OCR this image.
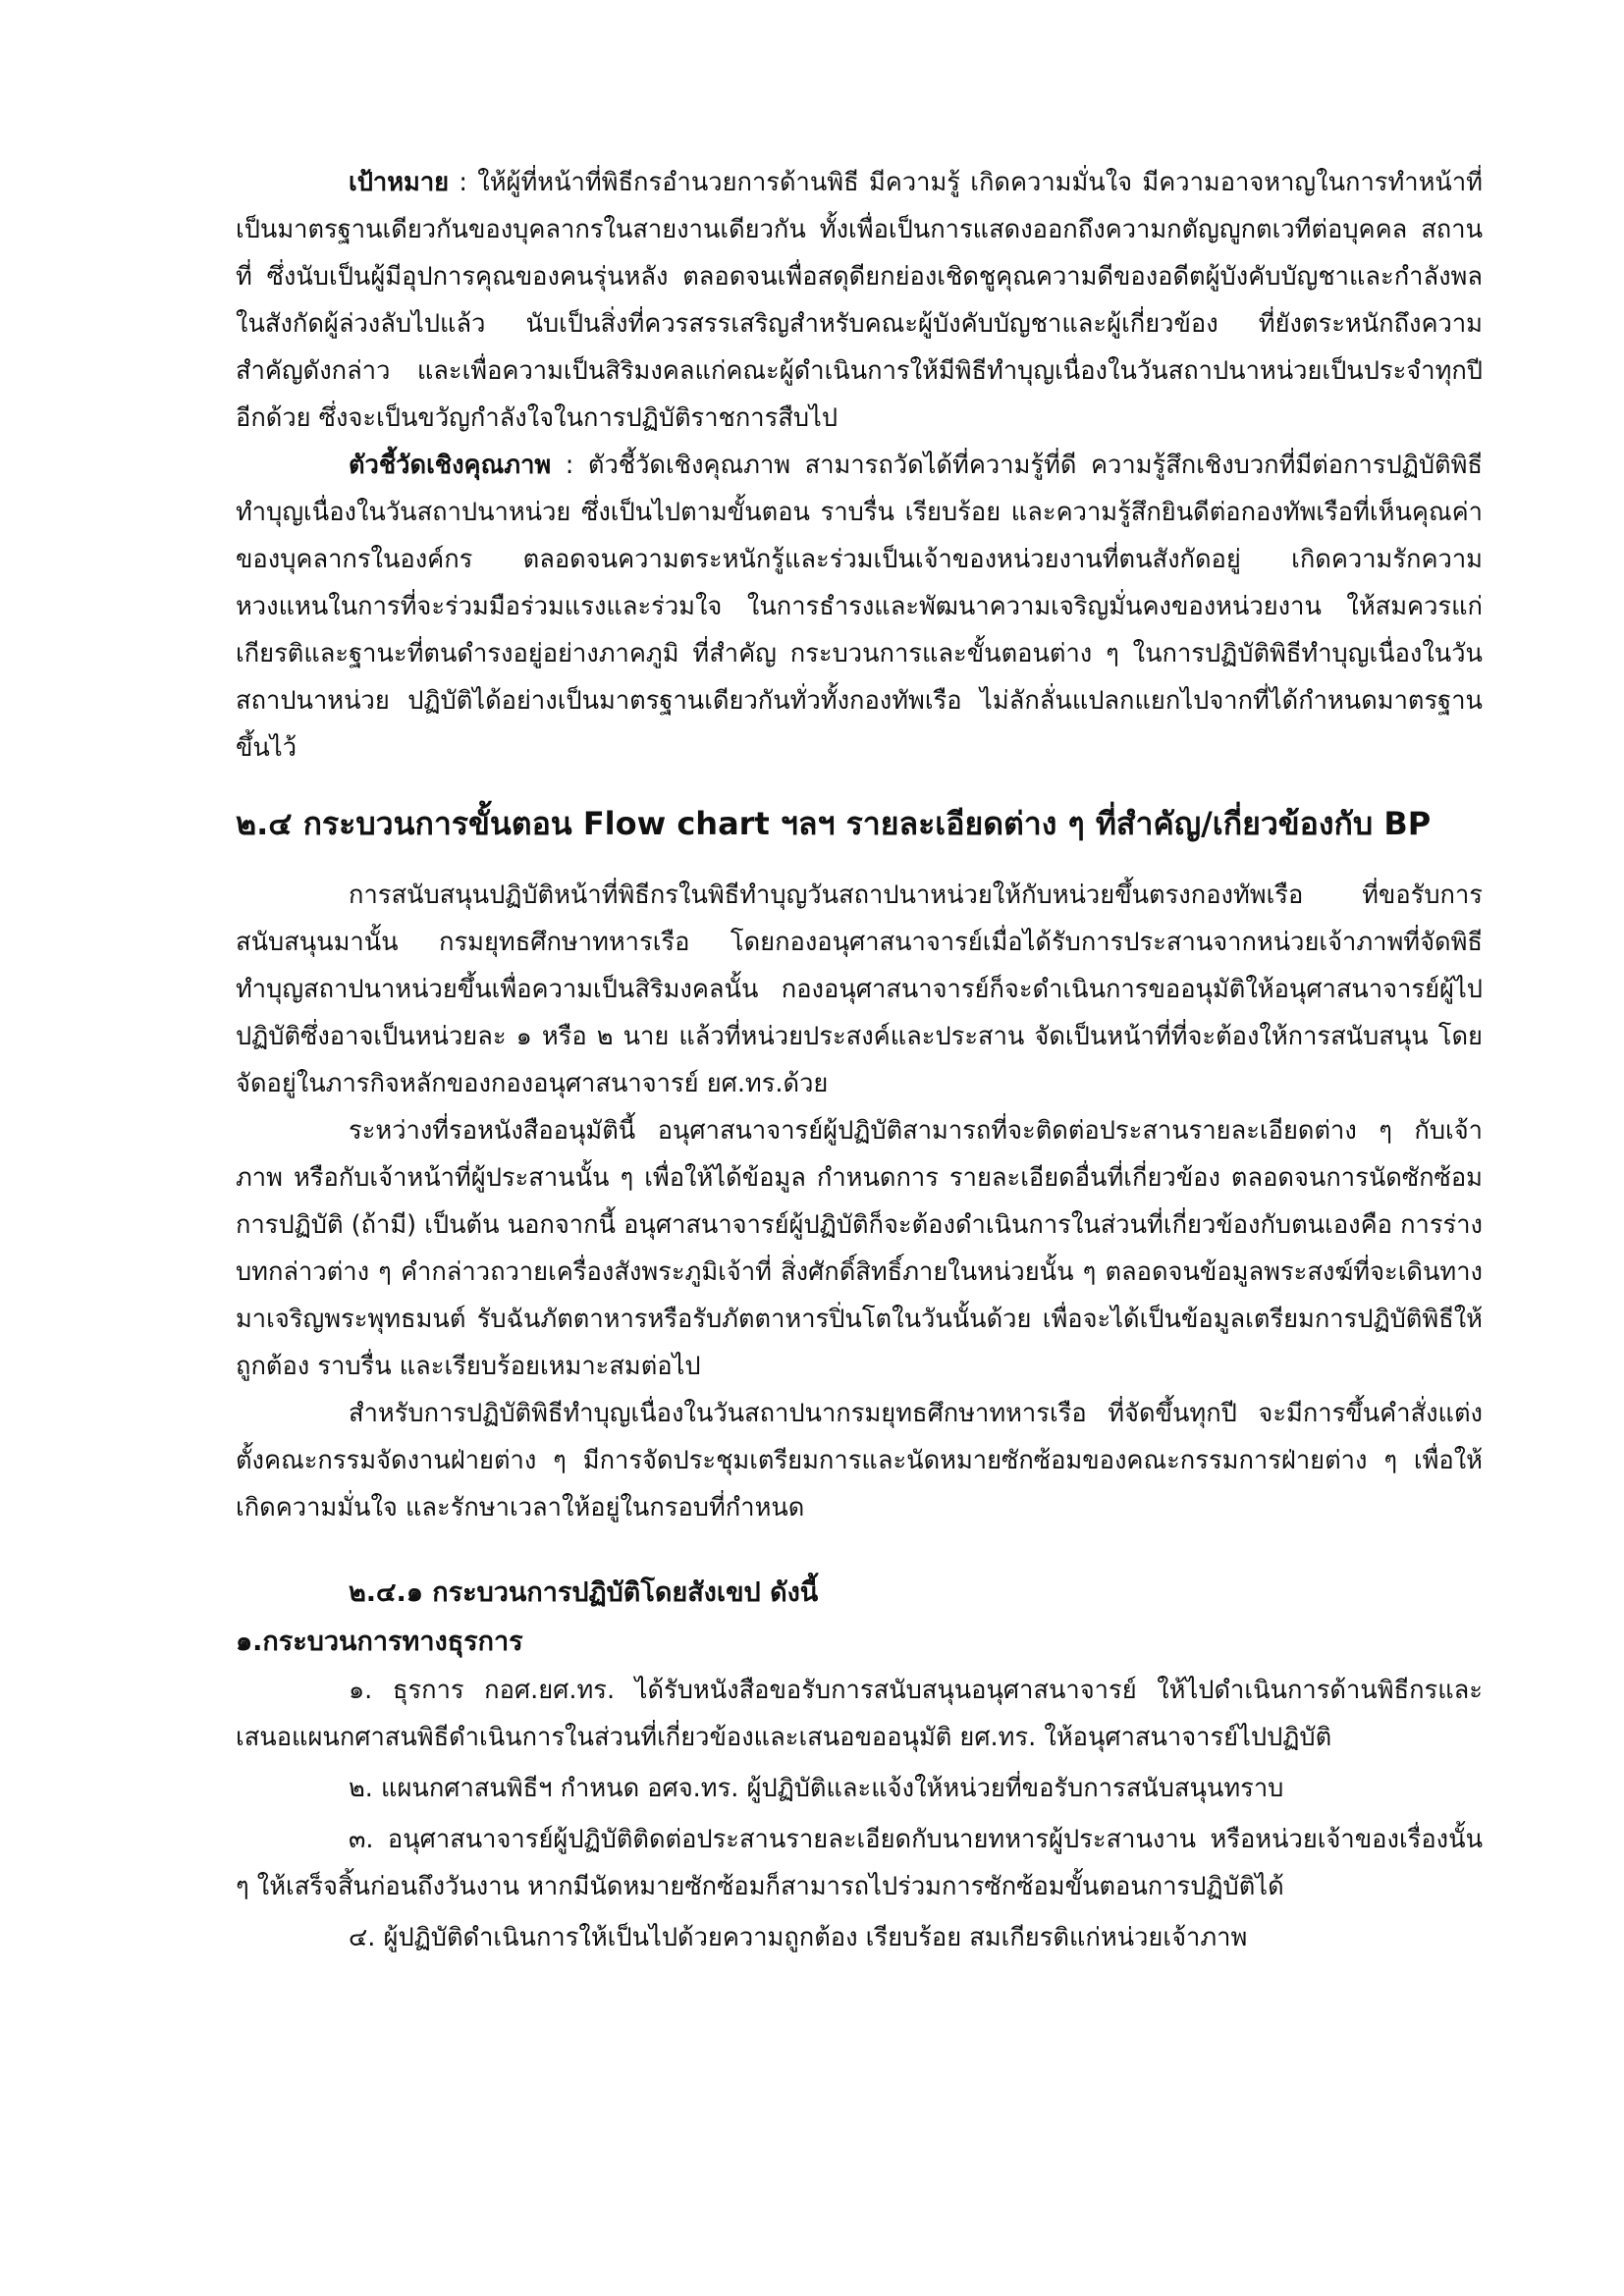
เป้าหมาย : ให้ผู้ที่หน้าที่พิธีกรอำนวยการด้านพิธี มีความรู้ เกิดความมั่นใจ มีความอาจหาญในการทำหน้าที่ เป็นมาตรฐานเดียวกันของบุคลากรในสายงานเดียวกัน ทั้งเพื่อเป็นการแสดงออกถึงความกตัญญูกตเวทีต่อบุคคล สถานที่ ซึ่งนับเป็นผู้มีอุปการคุณของคนรุ่นหลัง ตลอดจนเพื่อสดุดียกย่องเชิดชูคุณความดีของอดีตผู้บังคับบัญชาและกำลังพลในสังกัดผู้ล่วงลับไปแล้ว นับเป็นสิ่งที่ควรสรรเสริญสำหรับคณะผู้บังคับบัญชาและผู้เกี่ยวข้อง ที่ยังตระหนักถึงความสำคัญดังกล่าว และเพื่อความเป็นสิริมงคลแก่คณะผู้ดำเนินการให้มีพิธีทำบุญเนื่องในวันสถาปนาหน่วยเป็นประจำทุกปีอีกด้วย ซึ่งจะเป็นขวัญกำลังใจในการปฏิบัติราชการสืบไป

ตัวชี้วัดเชิงคุณภาพ : ตัวชี้วัดเชิงคุณภาพ สามารถวัดได้ที่ความรู้ที่ดี ความรู้สึกเชิงบวกที่มีต่อการปฏิบัติพิธีทำบุญเนื่องในวันสถาปนาหน่วย ซึ่งเป็นไปตามขั้นตอน ราบรื่น เรียบร้อย และความรู้สึกยินดีต่อกองทัพเรือที่เห็นคุณค่าของบุคลากรในองค์กร ตลอดจนความตระหนักรู้และร่วมเป็นเจ้าของหน่วยงานที่ตนสังกัดอยู่ เกิดความรักความหวงแหนในการที่จะร่วมมือร่วมแรงและร่วมใจ ในการธำรงและพัฒนาความเจริญมั่นคงของหน่วยงาน ให้สมควรแก่เกียรติและฐานะที่ตนดำรงอยู่อย่างภาคภูมิ ที่สำคัญ กระบวนการและขั้นตอนต่าง ๆ ในการปฏิบัติพิธีทำบุญเนื่องในวันสถาปนาหน่วย ปฏิบัติได้อย่างเป็นมาตรฐานเดียวกันทั่วทั้งกองทัพเรือ ไม่ลักลั่นแปลกแยกไปจากที่ได้กำหนดมาตรฐานขึ้นไว้

๒.๔ กระบวนการขั้นตอน Flow chart ฯลฯ รายละเอียดต่าง ๆ ที่สำคัญ/เกี่ยวข้องกับ BP

การสนับสนุนปฏิบัติหน้าที่พิธีกรในพิธีทำบุญวันสถาปนาหน่วยให้กับหน่วยขึ้นตรงกองทัพเรือ ที่ขอรับการสนับสนุนมานั้น กรมยุทธศึกษาทหารเรือ โดยกองอนุศาสนาจารย์เมื่อได้รับการประสานจากหน่วยเจ้าภาพที่จัดพิธีทำบุญสถาปนาหน่วยขึ้นเพื่อความเป็นสิริมงคลนั้น กองอนุศาสนาจารย์ก็จะดำเนินการขออนุมัติให้อนุศาสนาจารย์ผู้ไปปฏิบัติซึ่งอาจเป็นหน่วยละ ๑ หรือ ๒ นาย แล้วที่หน่วยประสงค์และประสาน จัดเป็นหน้าที่ที่จะต้องให้การสนับสนุน โดยจัดอยู่ในภารกิจหลักของกองอนุศาสนาจารย์ ยศ.ทร.ด้วย

ระหว่างที่รอหนังสืออนุมัตินี้ อนุศาสนาจารย์ผู้ปฏิบัติสามารถที่จะติดต่อประสานรายละเอียดต่าง ๆ กับเจ้าภาพ หรือกับเจ้าหน้าที่ผู้ประสานนั้น ๆ เพื่อให้ได้ข้อมูล กำหนดการ รายละเอียดอื่นที่เกี่ยวข้อง ตลอดจนการนัดซักซ้อมการปฏิบัติ (ถ้ามี) เป็นต้น นอกจากนี้ อนุศาสนาจารย์ผู้ปฏิบัติก็จะต้องดำเนินการในส่วนที่เกี่ยวข้องกับตนเองคือ การร่างบทกล่าวต่าง ๆ คำกล่าวถวายเครื่องสังพระภูมิเจ้าที่ สิ่งศักดิ์สิทธิ์ภายในหน่วยนั้น ๆ ตลอดจนข้อมูลพระสงฆ์ที่จะเดินทางมาเจริญพระพุทธมนต์ รับฉันภัตตาหารหรือรับภัตตาหารปิ่นโตในวันนั้นด้วย เพื่อจะได้เป็นข้อมูลเตรียมการปฏิบัติพิธีให้ถูกต้อง ราบรื่น และเรียบร้อยเหมาะสมต่อไป

สำหรับการปฏิบัติพิธีทำบุญเนื่องในวันสถาปนากรมยุทธศึกษาทหารเรือ ที่จัดขึ้นทุกปี จะมีการขึ้นคำสั่งแต่งตั้งคณะกรรมจัดงานฝ่ายต่าง ๆ มีการจัดประชุมเตรียมการและนัดหมายซักซ้อมของคณะกรรมการฝ่ายต่าง ๆ เพื่อให้เกิดความมั่นใจ และรักษาเวลาให้อยู่ในกรอบที่กำหนด

๒.๔.๑ กระบวนการปฏิบัติโดยสังเขป ดังนี้
๑.กระบวนการทางธุรการ

๑. ธุรการ กอศ.ยศ.ทร. ได้รับหนังสือขอรับการสนับสนุนอนุศาสนาจารย์ ให้ไปดำเนินการด้านพิธีกรและเสนอแผนกศาสนพิธีดำเนินการในส่วนที่เกี่ยวข้องและเสนอขออนุมัติ ยศ.ทร. ให้อนุศาสนาจารย์ไปปฏิบัติ

๒. แผนกศาสนพิธีฯ กำหนด อศจ.ทร. ผู้ปฏิบัติและแจ้งให้หน่วยที่ขอรับการสนับสนุนทราบ

๓. อนุศาสนาจารย์ผู้ปฏิบัติติดต่อประสานรายละเอียดกับนายทหารผู้ประสานงาน หรือหน่วยเจ้าของเรื่องนั้น ๆ ให้เสร็จสิ้นก่อนถึงวันงาน หากมีนัดหมายซักซ้อมก็สามารถไปร่วมการซักซ้อมขั้นตอนการปฏิบัติได้

๔. ผู้ปฏิบัติดำเนินการให้เป็นไปด้วยความถูกต้อง เรียบร้อย สมเกียรติแก่หน่วยเจ้าภาพ
